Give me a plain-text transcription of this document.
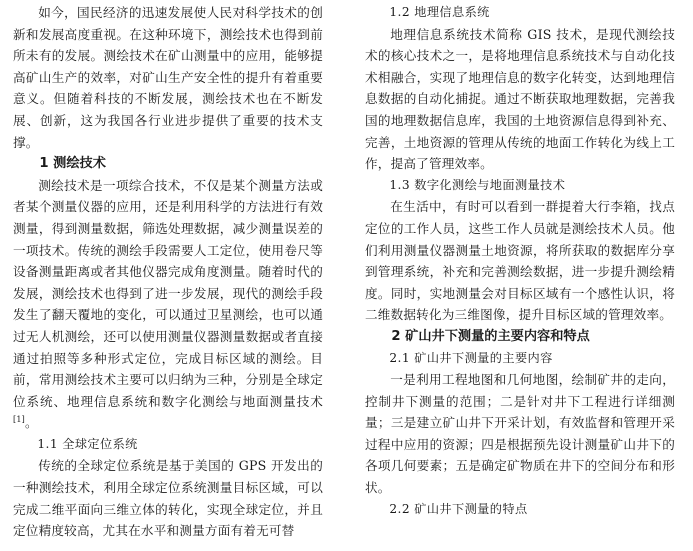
如今，国民经济的迅速发展使人民对科学技术的创新和发展高度重视。在这种环境下，测绘技术也得到前所未有的发展。测绘技术在矿山测量中的应用，能够提高矿山生产的效率，对矿山生产安全性的提升有着重要意义。但随着科技的不断发展，测绘技术也在不断发展、创新，这为我国各行业进步提供了重要的技术支撑。

1 测绘技术

测绘技术是一项综合技术，不仅是某个测量方法或者某个测量仪器的应用，还是利用科学的方法进行有效测量，得到测量数据，筛选处理数据，减少测量误差的一项技术。传统的测绘手段需要人工定位，使用卷尺等设备测量距离或者其他仪器完成角度测量。随着时代的发展，测绘技术也得到了进一步发展，现代的测绘手段发生了翻天覆地的变化，可以通过卫星测绘，也可以通过无人机测绘，还可以使用测量仪器测量数据或者直接通过拍照等多种形式定位，完成目标区域的测绘。目前，常用测绘技术主要可以归纳为三种，分别是全球定位系统、地理信息系统和数字化测绘与地面测量技术[1]。

1.1 全球定位系统

传统的全球定位系统是基于美国的 GPS 开发出的一种测绘技术，利用全球定位系统测量目标区域，可以完成二维平面向三维立体的转化，实现全球定位，并且定位精度较高，尤其在水平和测量方面有着无可替

1.2 地理信息系统

地理信息系统技术简称 GIS 技术，是现代测绘技术的核心技术之一，是将地理信息系统技术与自动化技术相融合，实现了地理信息的数字化转变，达到地理信息数据的自动化捕捉。通过不断获取地理数据，完善我国的地理数据信息库，我国的土地资源信息得到补充、完善，土地资源的管理从传统的地面工作转化为线上工作，提高了管理效率。

1.3 数字化测绘与地面测量技术

在生活中，有时可以看到一群提着大行李箱，找点定位的工作人员，这些工作人员就是测绘技术人员。他们利用测量仪器测量土地资源，将所获取的数据库分享到管理系统，补充和完善测绘数据，进一步提升测绘精度。同时，实地测量会对目标区域有一个感性认识，将二维数据转化为三维图像，提升目标区域的管理效率。

2 矿山井下测量的主要内容和特点

2.1 矿山井下测量的主要内容

一是利用工程地图和几何地图，绘制矿井的走向，控制井下测量的范围；二是针对井下工程进行详细测量；三是建立矿山井下开采计划，有效监督和管理开采过程中应用的资源；四是根据预先设计测量矿山井下的各项几何要素；五是确定矿物质在井下的空间分布和形状。

2.2 矿山井下测量的特点
